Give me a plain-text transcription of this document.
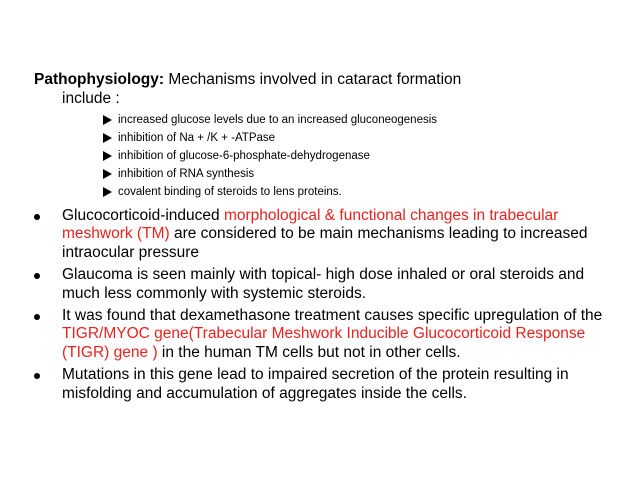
Pathophysiology: Mechanisms involved in cataract formation
include :
increased glucose levels due to an increased gluconeogenesis
inhibition of Na + /K + -ATPase
inhibition of glucose-6-phosphate-dehydrogenase
inhibition of RNA synthesis
covalent binding of steroids to lens proteins.
Glucocorticoid-induced morphological & functional changes in trabecular meshwork (TM) are considered to be main mechanisms leading to increased intraocular pressure
Glaucoma is seen mainly with topical- high dose inhaled or oral steroids and much less commonly with systemic steroids.
It was found that dexamethasone treatment causes specific upregulation of the TIGR/MYOC gene(Trabecular Meshwork Inducible Glucocorticoid Response (TIGR) gene ) in the human TM cells but not in other cells.
Mutations in this gene lead to impaired secretion of the protein resulting in misfolding and accumulation of aggregates inside the cells.
